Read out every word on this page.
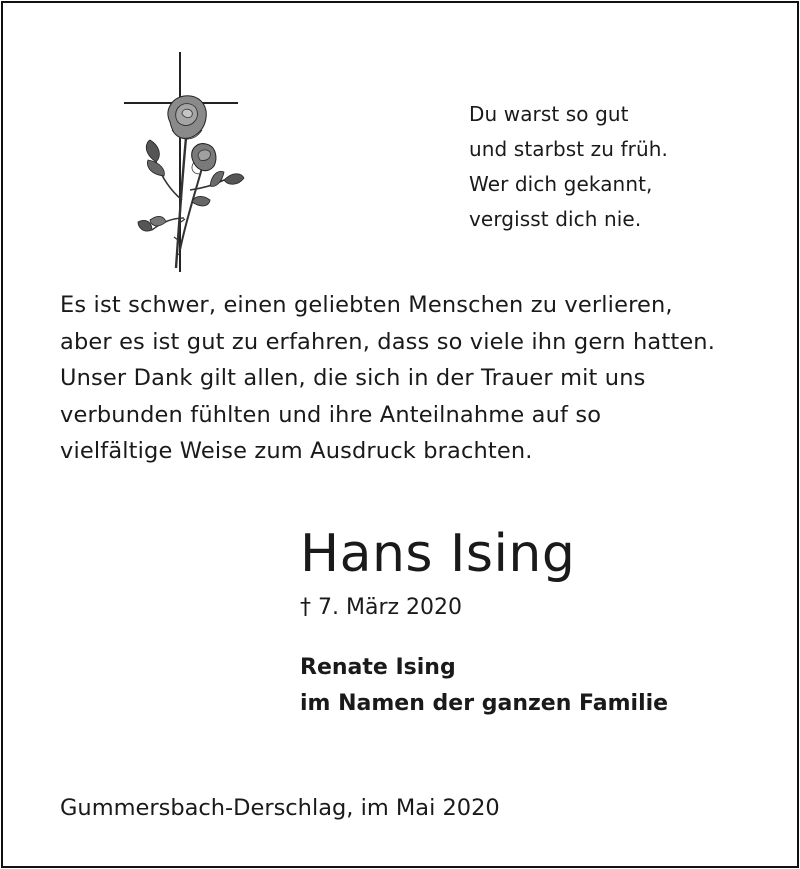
Du warst so gut
und starbst zu früh.
Wer dich gekannt,
vergisst dich nie.
Es ist schwer, einen geliebten Menschen zu verlieren,
aber es ist gut zu erfahren, dass so viele ihn gern hatten.
Unser Dank gilt allen, die sich in der Trauer mit uns
verbunden fühlten und ihre Anteilnahme auf so
vielfältige Weise zum Ausdruck brachten.
Hans Ising
† 7. März 2020
Renate Ising
im Namen der ganzen Familie
Gummersbach-Derschlag, im Mai 2020
